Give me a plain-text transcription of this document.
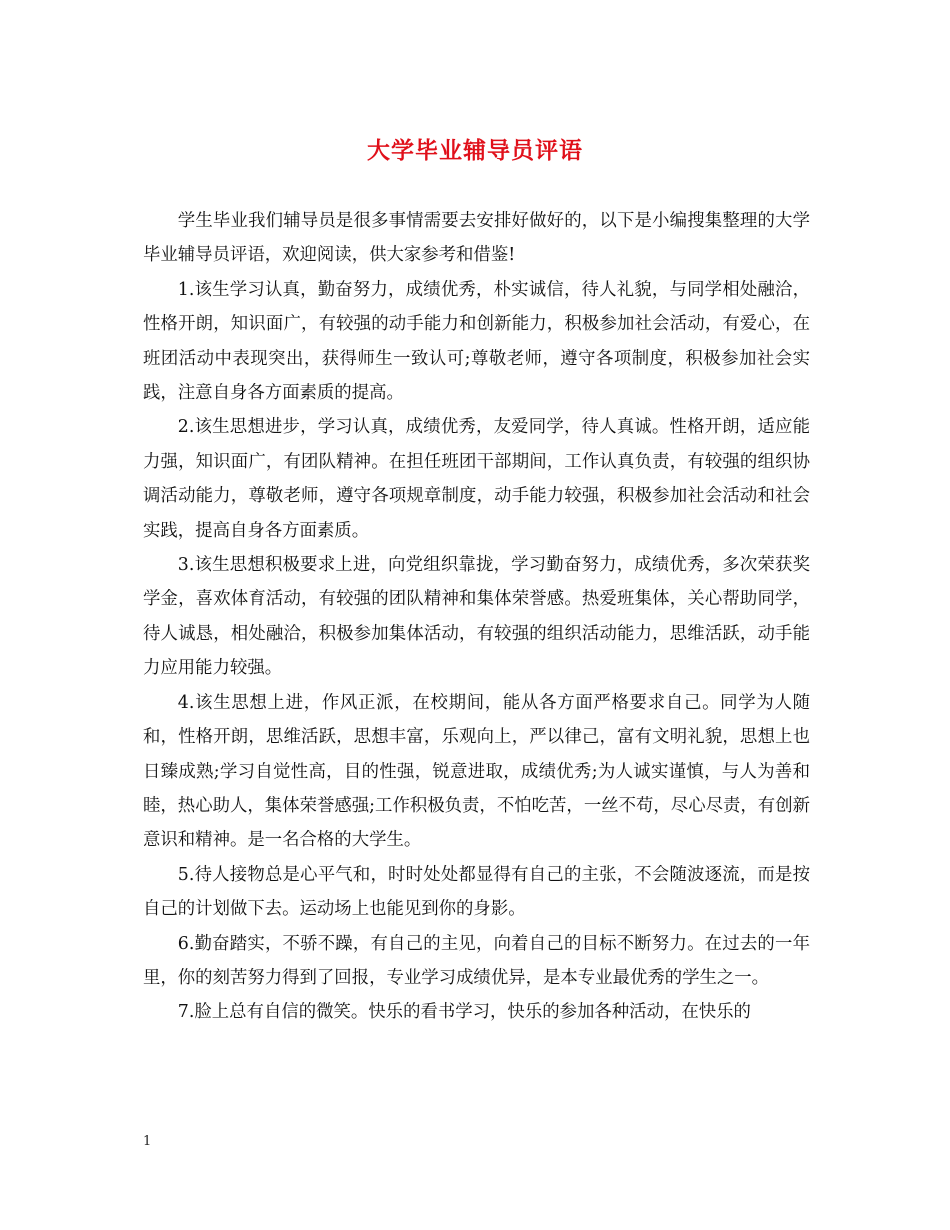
大学毕业辅导员评语

学生毕业我们辅导员是很多事情需要去安排好做好的，以下是小编搜集整理的大学毕业辅导员评语，欢迎阅读，供大家参考和借鉴!

1.该生学习认真，勤奋努力，成绩优秀，朴实诚信，待人礼貌，与同学相处融洽，性格开朗，知识面广，有较强的动手能力和创新能力，积极参加社会活动，有爱心，在班团活动中表现突出，获得师生一致认可;尊敬老师，遵守各项制度，积极参加社会实践，注意自身各方面素质的提高。

2.该生思想进步，学习认真，成绩优秀，友爱同学，待人真诚。性格开朗，适应能力强，知识面广，有团队精神。在担任班团干部期间，工作认真负责，有较强的组织协调活动能力，尊敬老师，遵守各项规章制度，动手能力较强，积极参加社会活动和社会实践，提高自身各方面素质。

3.该生思想积极要求上进，向党组织靠拢，学习勤奋努力，成绩优秀，多次荣获奖学金，喜欢体育活动，有较强的团队精神和集体荣誉感。热爱班集体，关心帮助同学，待人诚恳，相处融洽，积极参加集体活动，有较强的组织活动能力，思维活跃，动手能力应用能力较强。

4.该生思想上进，作风正派，在校期间，能从各方面严格要求自己。同学为人随和，性格开朗，思维活跃，思想丰富，乐观向上，严以律己，富有文明礼貌，思想上也日臻成熟;学习自觉性高，目的性强，锐意进取，成绩优秀;为人诚实谨慎，与人为善和睦，热心助人，集体荣誉感强;工作积极负责，不怕吃苦，一丝不苟，尽心尽责，有创新意识和精神。是一名合格的大学生。

5.待人接物总是心平气和，时时处处都显得有自己的主张，不会随波逐流，而是按自己的计划做下去。运动场上也能见到你的身影。

6.勤奋踏实，不骄不躁，有自己的主见，向着自己的目标不断努力。在过去的一年里，你的刻苦努力得到了回报，专业学习成绩优异，是本专业最优秀的学生之一。

7.脸上总有自信的微笑。快乐的看书学习，快乐的参加各种活动，在快乐的

1
